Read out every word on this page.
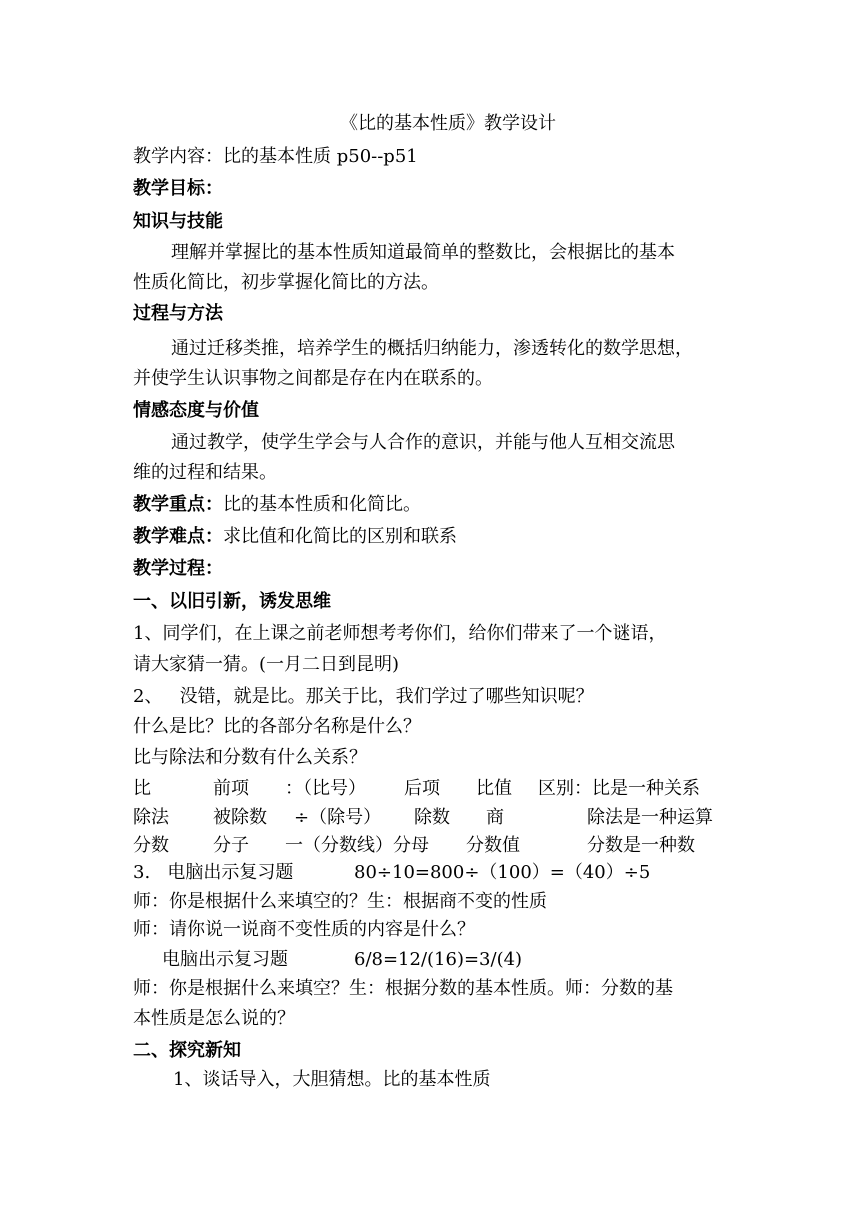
《比的基本性质》教学设计
教学内容：比的基本性质 p50--p51
教学目标：
知识与技能
理解并掌握比的基本性质知道最简单的整数比，会根据比的基本
性质化简比，初步掌握化简比的方法。
过程与方法
通过迁移类推，培养学生的概括归纳能力，渗透转化的数学思想，
并使学生认识事物之间都是存在内在联系的。
情感态度与价值
通过教学，使学生学会与人合作的意识，并能与他人互相交流思
维的过程和结果。
教学重点：比的基本性质和化简比。
教学难点：求比值和化简比的区别和联系
教学过程：
一、以旧引新，诱发思维
1、同学们，在上课之前老师想考考你们，给你们带来了一个谜语，
请大家猜一猜。(一月二日到昆明)
2、   没错，就是比。那关于比，我们学过了哪些知识呢？
什么是比？比的各部分名称是什么？
比与除法和分数有什么关系？
比	前项 ：（比号） 后项 比值 区别：比是一种关系
除法 被除数 ÷（除号） 除数 商	除法是一种运算
分数 分子 一（分数线）分母 分数值	分数是一种数
3.   电脑出示复习题	80÷10=800÷（100）=（40）÷5
师：你是根据什么来填空的？生：根据商不变的性质
师：请你说一说商不变性质的内容是什么？
电脑出示复习题	6/8=12/(16)=3/(4)
师：你是根据什么来填空？生：根据分数的基本性质。师：分数的基
本性质是怎么说的？
二、探究新知
1、谈话导入，大胆猜想。比的基本性质
